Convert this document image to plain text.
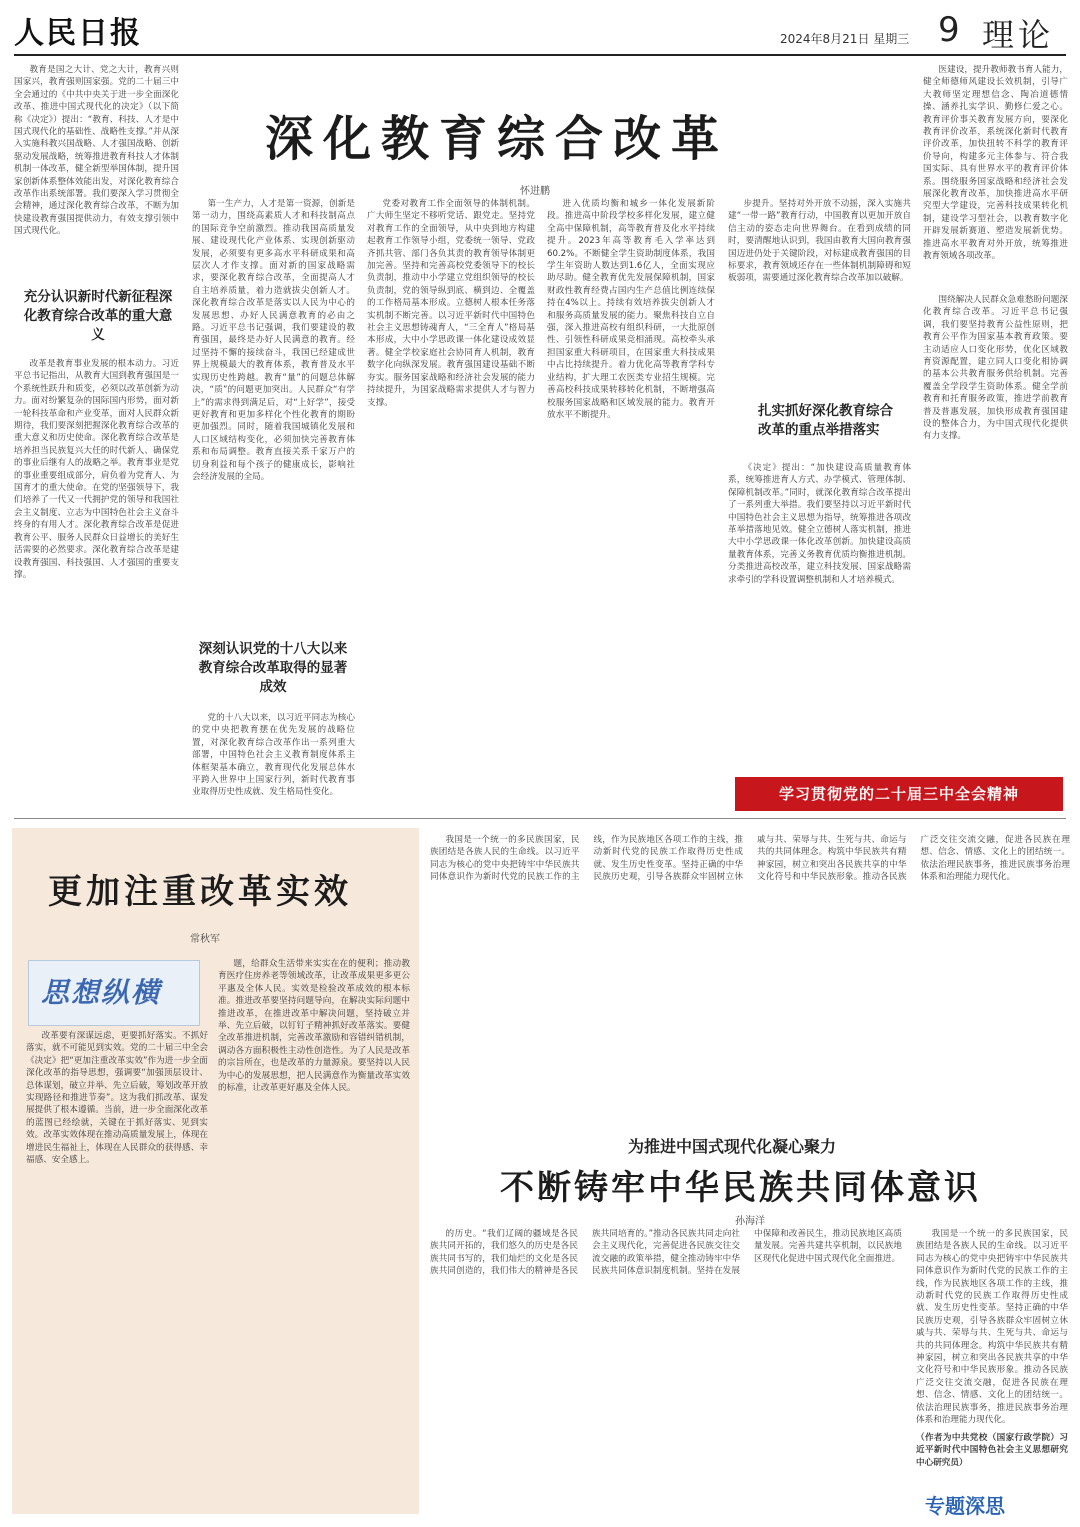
人民日报	2024年8月21日 星期三 9 理论
教育是国之大计、党之大计，教育兴则国家兴，教育强则国家强。党的二十届三中全会通过的《中共中央关于进一步全面深化改革、推进中国式现代化的决定》（以下简称《决定》）提出：“教育、科技、人才是中国式现代化的基础性、战略性支撑。”并从深入实施科教兴国战略、人才强国战略、创新驱动发展战略，统筹推进教育科技人才体制机制一体改革，健全新型举国体制，提升国家创新体系整体效能出发，对深化教育综合改革作出系统部署。我们要深入学习贯彻全会精神，通过深化教育综合改革，不断为加快建设教育强国提供动力，有效支撑引领中国式现代化。
深化教育综合改革
怀进鹏
医建设，提升教师教书育人能力，健全师德师风建设长效机制，引导广大教师坚定理想信念、陶冶道德情操、涵养扎实学识、勤修仁爱之心。教育评价事关教育发展方向，要深化教育评价改革，系统深化新时代教育评价改革，加快扭转不科学的教育评价导向，构建多元主体参与、符合我国实际、具有世界水平的教育评价体系。围绕服务国家战略和经济社会发展深化教育改革，加快推进高水平研究型大学建设，完善科技成果转化机制，建设学习型社会，以教育数字化开辟发展新赛道、塑造发展新优势。推进高水平教育对外开放，统筹推进教育领域各项改革。
充分认识新时代新征程深化教育综合改革的重大意义
改革是教育事业发展的根本动力。习近平总书记指出，从教育大国到教育强国是一个系统性跃升和质变，必须以改革创新为动力。面对纷繁复杂的国际国内形势，面对新一轮科技革命和产业变革，面对人民群众新期待，我们要深刻把握深化教育综合改革的重大意义和历史使命。深化教育综合改革是培养担当民族复兴大任的时代新人、确保党的事业后继有人的战略之举。教育事业是党的事业重要组成部分，肩负着为党育人、为国育才的重大使命。在党的坚强领导下，我们培养了一代又一代拥护党的领导和我国社会主义制度、立志为中国特色社会主义奋斗终身的有用人才。深化教育综合改革是促进教育公平、服务人民群众日益增长的美好生活需要的必然要求。深化教育综合改革是建设教育强国、科技强国、人才强国的重要支撑。
第一生产力，人才是第一资源，创新是第一动力，围绕高素质人才和科技制高点的国际竞争空前激烈。推动我国高质量发展、建设现代化产业体系、实现创新驱动发展，必须要有更多高水平科研成果和高层次人才作支撑。面对新的国家战略需求，要深化教育综合改革，全面提高人才自主培养质量，着力造就拔尖创新人才。深化教育综合改革是落实以人民为中心的发展思想、办好人民满意教育的必由之路。习近平总书记强调，我们要建设的教育强国，最终是办好人民满意的教育。经过坚持不懈的接续奋斗，我国已经建成世界上规模最大的教育体系，教育普及水平实现历史性跨越。教育“量”的问题总体解决，“质”的问题更加突出。人民群众“有学上”的需求得到满足后，对“上好学”，接受更好教育和更加多样化个性化教育的期盼更加强烈。同时，随着我国城镇化发展和人口区域结构变化，必须加快完善教育体系和布局调整。教育直接关系千家万户的切身利益和每个孩子的健康成长，影响社会经济发展的全局。
深刻认识党的十八大以来教育综合改革取得的显著成效
党的十八大以来，以习近平同志为核心的党中央把教育摆在优先发展的战略位置，对深化教育综合改革作出一系列重大部署，中国特色社会主义教育制度体系主体框架基本确立，教育现代化发展总体水平跨入世界中上国家行列，新时代教育事业取得历史性成就、发生格局性变化。
党委对教育工作全面领导的体制机制。广大师生坚定不移听党话、跟党走。坚持党对教育工作的全面领导，从中央到地方构建起教育工作领导小组，党委统一领导、党政齐抓共管、部门各负其责的教育领导体制更加完善。坚持和完善高校党委领导下的校长负责制，推动中小学建立党组织领导的校长负责制，党的领导纵到底、横到边、全覆盖的工作格局基本形成。立德树人根本任务落实机制不断完善。以习近平新时代中国特色社会主义思想铸魂育人，“三全育人”格局基本形成，大中小学思政课一体化建设成效显著。健全学校家庭社会协同育人机制，教育数字化向纵深发展。教育强国建设基础不断夯实。服务国家战略和经济社会发展的能力持续提升，为国家战略需求提供人才与智力支撑。
进入优质均衡和城乡一体化发展新阶段。推进高中阶段学校多样化发展，建立健全高中保障机制，高等教育普及化水平持续提升。2023年高等教育毛入学率达到60.2%。不断健全学生资助制度体系，我国学生年资助人数达到1.6亿人，全面实现应助尽助。健全教育优先发展保障机制，国家财政性教育经费占国内生产总值比例连续保持在4%以上。持续有效培养拔尖创新人才和服务高质量发展的能力。聚焦科技自立自强，深入推进高校有组织科研，一大批原创性、引领性科研成果竞相涌现。高校牵头承担国家重大科研项目，在国家重大科技成果中占比持续提升。着力优化高等教育学科专业结构，扩大理工农医类专业招生规模。完善高校科技成果转移转化机制，不断增强高校服务国家战略和区域发展的能力。教育开放水平不断提升。
步提升。坚持对外开放不动摇，深入实施共建“一带一路”教育行动，中国教育以更加开放自信主动的姿态走向世界舞台。在看到成绩的同时，要清醒地认识到，我国由教育大国向教育强国迈进仍处于关键阶段，对标建成教育强国的目标要求，教育领域还存在一些体制机制障碍和短板弱项，需要通过深化教育综合改革加以破解。
扎实抓好深化教育综合改革的重点举措落实
《决定》提出：“加快建设高质量教育体系，统筹推进育人方式、办学模式、管理体制、保障机制改革。”同时，就深化教育综合改革提出了一系列重大举措。我们要坚持以习近平新时代中国特色社会主义思想为指导，统筹推进各项改革举措落地见效。健全立德树人落实机制，推进大中小学思政课一体化改革创新。加快建设高质量教育体系，完善义务教育优质均衡推进机制。分类推进高校改革，建立科技发展、国家战略需求牵引的学科设置调整机制和人才培养模式。
围绕解决人民群众急难愁盼问题深化教育综合改革。习近平总书记强调，我们要坚持教育公益性原则，把教育公平作为国家基本教育政策。要主动适应人口变化形势，优化区域教育资源配置，建立同人口变化相协调的基本公共教育服务供给机制。完善覆盖全学段学生资助体系。健全学前教育和托育服务政策，推进学前教育普及普惠发展，加快形成教育强国建设的整体合力，为中国式现代化提供有力支撑。
学习贯彻党的二十届三中全会精神
更加注重改革实效
常秋军
思想纵横
改革要有深谋远虑，更要抓好落实。不抓好落实，就不可能见到实效。党的二十届三中全会《决定》把“更加注重改革实效”作为进一步全面深化改革的指导思想，强调要“加强顶层设计、总体谋划，破立并举、先立后破，筹划改革开放实现路径和推进节奏”。这为我们抓改革、谋发展提供了根本遵循。当前，进一步全面深化改革的蓝图已经绘就，关键在于抓好落实、见到实效。改革实效体现在推动高质量发展上，体现在增进民生福祉上，体现在人民群众的获得感、幸福感、安全感上。
题，给群众生活带来实实在在的便利；推动教育医疗住房养老等领域改革，让改革成果更多更公平惠及全体人民。实效是检验改革成效的根本标准。推进改革要坚持问题导向，在解决实际问题中推进改革，在推进改革中解决问题，坚持破立并举、先立后破，以钉钉子精神抓好改革落实。要健全改革推进机制，完善改革激励和容错纠错机制，调动各方面积极性主动性创造性。为了人民是改革的宗旨所在，也是改革的力量源泉。要坚持以人民为中心的发展思想，把人民满意作为衡量改革实效的标准，让改革更好惠及全体人民。
我国是一个统一的多民族国家，民族团结是各族人民的生命线。以习近平同志为核心的党中央把铸牢中华民族共同体意识作为新时代党的民族工作的主线，作为民族地区各项工作的主线，推动新时代党的民族工作取得历史性成就、发生历史性变革。坚持正确的中华民族历史观，引导各族群众牢固树立休戚与共、荣辱与共、生死与共、命运与共的共同体理念。构筑中华民族共有精神家园，树立和突出各民族共享的中华文化符号和中华民族形象。推动各民族广泛交往交流交融，促进各民族在理想、信念、情感、文化上的团结统一。依法治理民族事务，推进民族事务治理体系和治理能力现代化。
为推进中国式现代化凝心聚力
不断铸牢中华民族共同体意识
孙海洋
的历史。“我们辽阔的疆域是各民族共同开拓的，我们悠久的历史是各民族共同书写的，我们灿烂的文化是各民族共同创造的，我们伟大的精神是各民族共同培育的。”推动各民族共同走向社会主义现代化，完善促进各民族交往交流交融的政策举措，健全推动铸牢中华民族共同体意识制度机制。坚持在发展中保障和改善民生，推动民族地区高质量发展。完善共建共享机制，以民族地区现代化促进中国式现代化全面推进。
我国是一个统一的多民族国家，民族团结是各族人民的生命线。以习近平同志为核心的党中央把铸牢中华民族共同体意识作为新时代党的民族工作的主线，作为民族地区各项工作的主线，推动新时代党的民族工作取得历史性成就、发生历史性变革。坚持正确的中华民族历史观，引导各族群众牢固树立休戚与共、荣辱与共、生死与共、命运与共的共同体理念。构筑中华民族共有精神家园，树立和突出各民族共享的中华文化符号和中华民族形象。推动各民族广泛交往交流交融，促进各民族在理想、信念、情感、文化上的团结统一。依法治理民族事务，推进民族事务治理体系和治理能力现代化。
（作者为中共党校（国家行政学院）习近平新时代中国特色社会主义思想研究中心研究员）
专题深思
